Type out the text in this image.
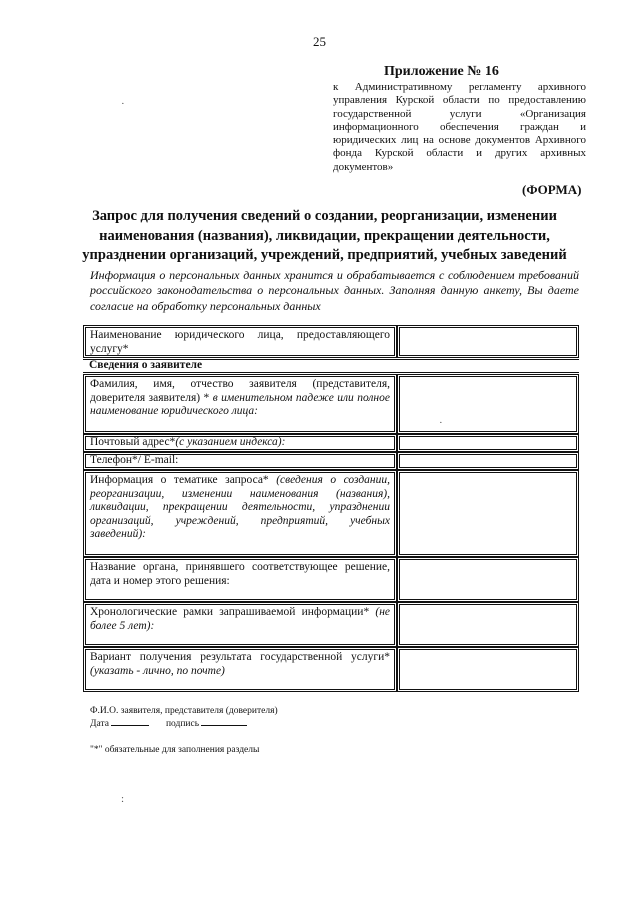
25
Приложение № 16
к Административному регламенту архивного управления Курской области по предоставлению государственной услуги «Организация информационного обеспечения граждан и юридических лиц на основе документов Архивного фонда Курской области и других архивных документов»
·
(ФОРМА)
Запрос для получения сведений о создании, реорганизации, изменении наименования (названия), ликвидации, прекращении деятельности, упразднении организаций, учреждений, предприятий, учебных заведений
Информация о персональных данных хранится и обрабатывается с соблюдением требований российского законодательства о персональных данных. Заполняя данную анкету, Вы даете согласие на обработку персональных данных
Наименование юридического лица, предоставляющего услугу*
Сведения о заявителе
Фамилия, имя, отчество заявителя (представителя, доверителя заявителя) * в именительном падеже или полное наименование юридического лица:
·
Почтовый адрес*(с указанием индекса):
Телефон*/ E-mail:
Информация о тематике запроса* (сведения о создании, реорганизации, изменении наименования (названия), ликвидации, прекращении деятельности, упразднении организаций, учреждений, предприятий, учебных заведений):
Название органа, принявшего соответствующее решение, дата и номер этого решения:
Хронологические рамки запрашиваемой информации* (не более 5 лет):
Вариант получения результата государственной услуги* (указать - лично, по почте)
Ф.И.О. заявителя, представителя (доверителя)
Дата	подпись
"*" обязательные для заполнения разделы
:
